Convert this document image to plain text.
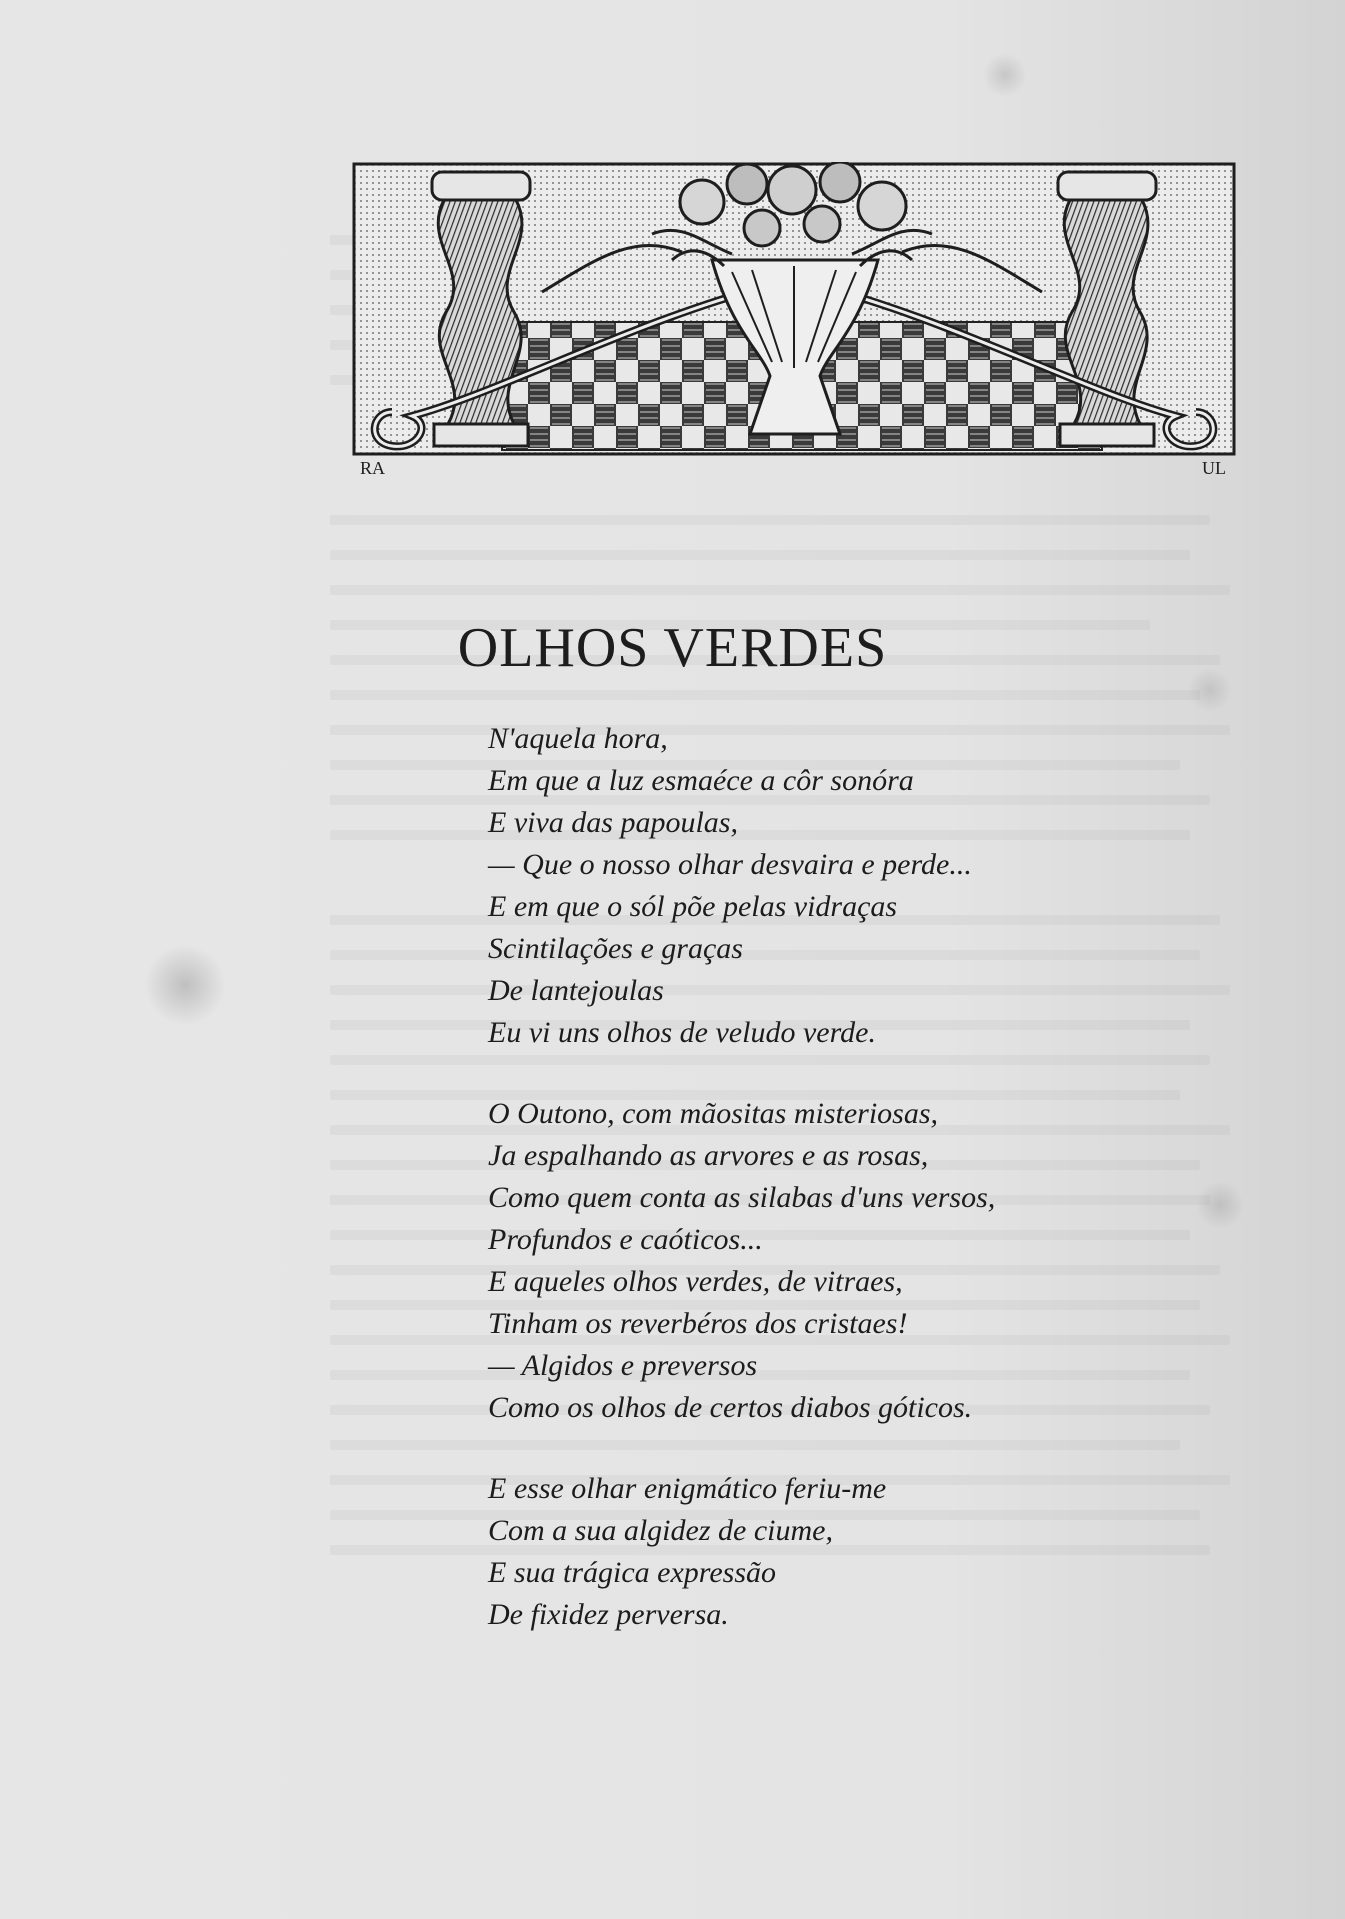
RA	UL
OLHOS VERDES
N'aquela hora,
Em que a luz esmaéce a côr sonóra
E viva das papoulas,
— Que o nosso olhar desvaira e perde...
E em que o sól põe pelas vidraças
Scintilações e graças
De lantejoulas
Eu vi uns olhos de veludo verde.
O Outono, com mãositas misteriosas,
Ja espalhando as arvores e as rosas,
Como quem conta as silabas d'uns versos,
Profundos e caóticos...
E aqueles olhos verdes, de vitraes,
Tinham os reverbéros dos cristaes!
— Algidos e preversos
Como os olhos de certos diabos góticos.
E esse olhar enigmático feriu-me
Com a sua algidez de ciume,
E sua trágica expressão
De fixidez perversa.
